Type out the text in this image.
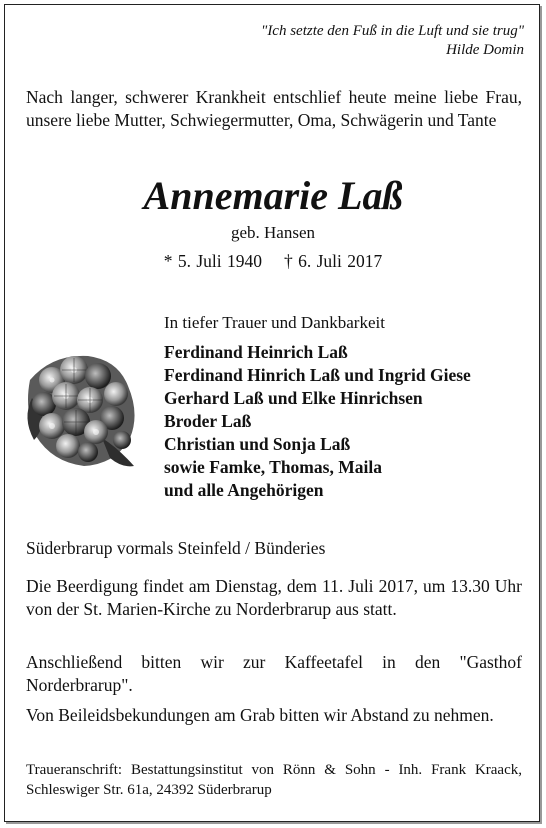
"Ich setzte den Fuß in die Luft und sie trug"
Hilde Domin
Nach langer, schwerer Krankheit entschlief heute meine liebe Frau, unsere liebe Mutter, Schwiegermutter, Oma, Schwägerin und Tante
Annemarie Laß
geb. Hansen
* 5. Juli 1940 † 6. Juli 2017
In tiefer Trauer und Dankbarkeit
Ferdinand Heinrich Laß
Ferdinand Hinrich Laß und Ingrid Giese
Gerhard Laß und Elke Hinrichsen
Broder Laß
Christian und Sonja Laß
sowie Famke, Thomas, Maila
und alle Angehörigen
Süderbrarup vormals Steinfeld / Bünderies
Die Beerdigung findet am Dienstag, dem 11. Juli 2017, um 13.30 Uhr von der St. Marien-Kirche zu Norderbrarup aus statt.
Anschließend bitten wir zur Kaffeetafel in den "Gasthof Norderbrarup".
Von Beileidsbekundungen am Grab bitten wir Abstand zu nehmen.
Traueranschrift: Bestattungsinstitut von Rönn & Sohn - Inh. Frank Kraack, Schleswiger Str. 61a, 24392 Süderbrarup
